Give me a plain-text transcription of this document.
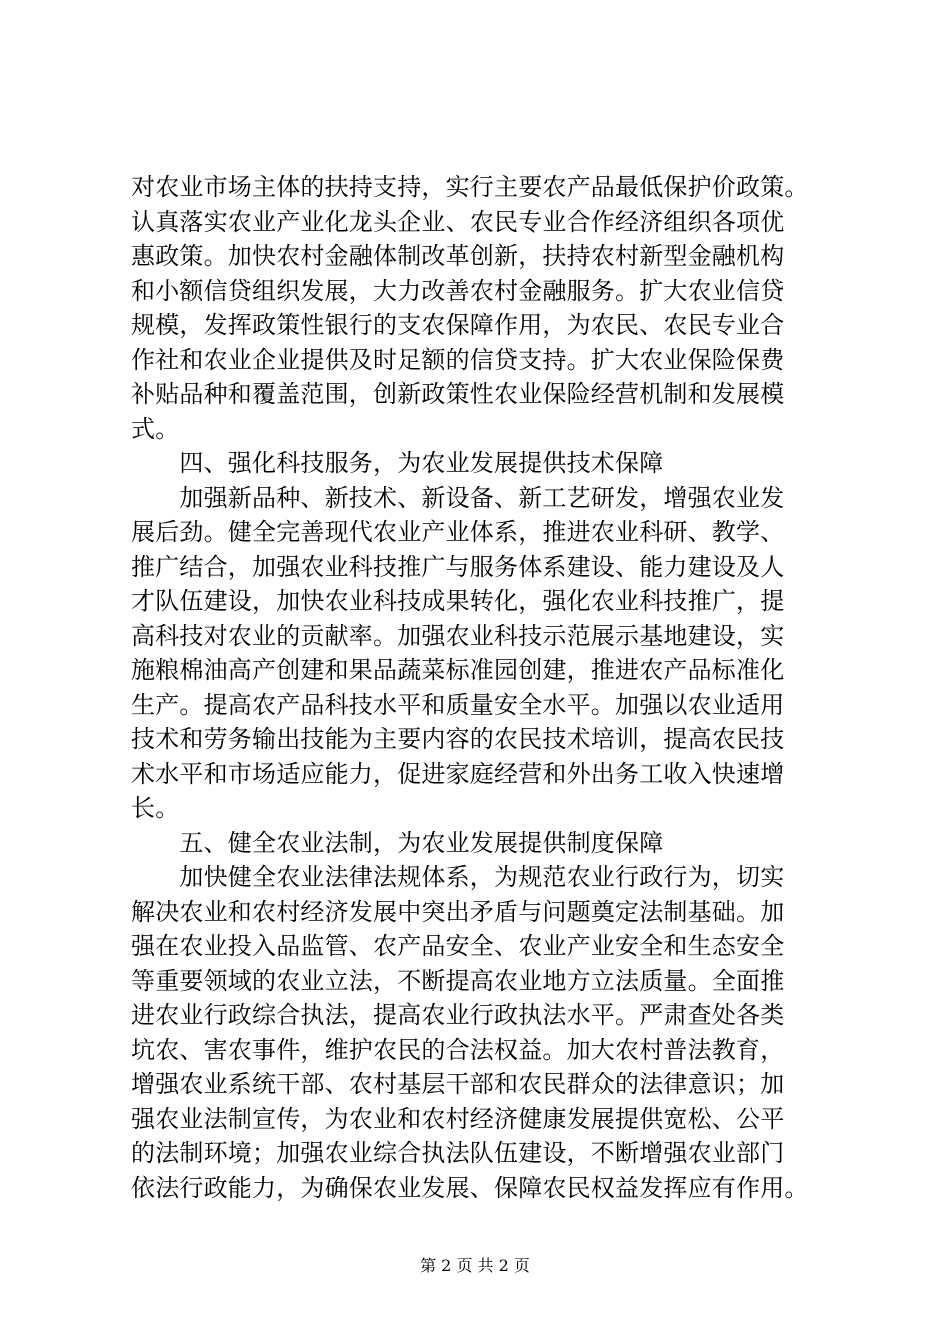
对农业市场主体的扶持支持，实行主要农产品最低保护价政策。
认真落实农业产业化龙头企业、农民专业合作经济组织各项优
惠政策。加快农村金融体制改革创新，扶持农村新型金融机构
和小额信贷组织发展，大力改善农村金融服务。扩大农业信贷
规模，发挥政策性银行的支农保障作用，为农民、农民专业合
作社和农业企业提供及时足额的信贷支持。扩大农业保险保费
补贴品种和覆盖范围，创新政策性农业保险经营机制和发展模
式。
　　四、强化科技服务，为农业发展提供技术保障
　　加强新品种、新技术、新设备、新工艺研发，增强农业发
展后劲。健全完善现代农业产业体系，推进农业科研、教学、
推广结合，加强农业科技推广与服务体系建设、能力建设及人
才队伍建设，加快农业科技成果转化，强化农业科技推广，提
高科技对农业的贡献率。加强农业科技示范展示基地建设，实
施粮棉油高产创建和果品蔬菜标准园创建，推进农产品标准化
生产。提高农产品科技水平和质量安全水平。加强以农业适用
技术和劳务输出技能为主要内容的农民技术培训，提高农民技
术水平和市场适应能力，促进家庭经营和外出务工收入快速增
长。
　　五、健全农业法制，为农业发展提供制度保障
　　加快健全农业法律法规体系，为规范农业行政行为，切实
解决农业和农村经济发展中突出矛盾与问题奠定法制基础。加
强在农业投入品监管、农产品安全、农业产业安全和生态安全
等重要领域的农业立法，不断提高农业地方立法质量。全面推
进农业行政综合执法，提高农业行政执法水平。严肃查处各类
坑农、害农事件，维护农民的合法权益。加大农村普法教育，
增强农业系统干部、农村基层干部和农民群众的法律意识；加
强农业法制宣传，为农业和农村经济健康发展提供宽松、公平
的法制环境；加强农业综合执法队伍建设，不断增强农业部门
依法行政能力，为确保农业发展、保障农民权益发挥应有作用。
第 2 页 共 2 页
